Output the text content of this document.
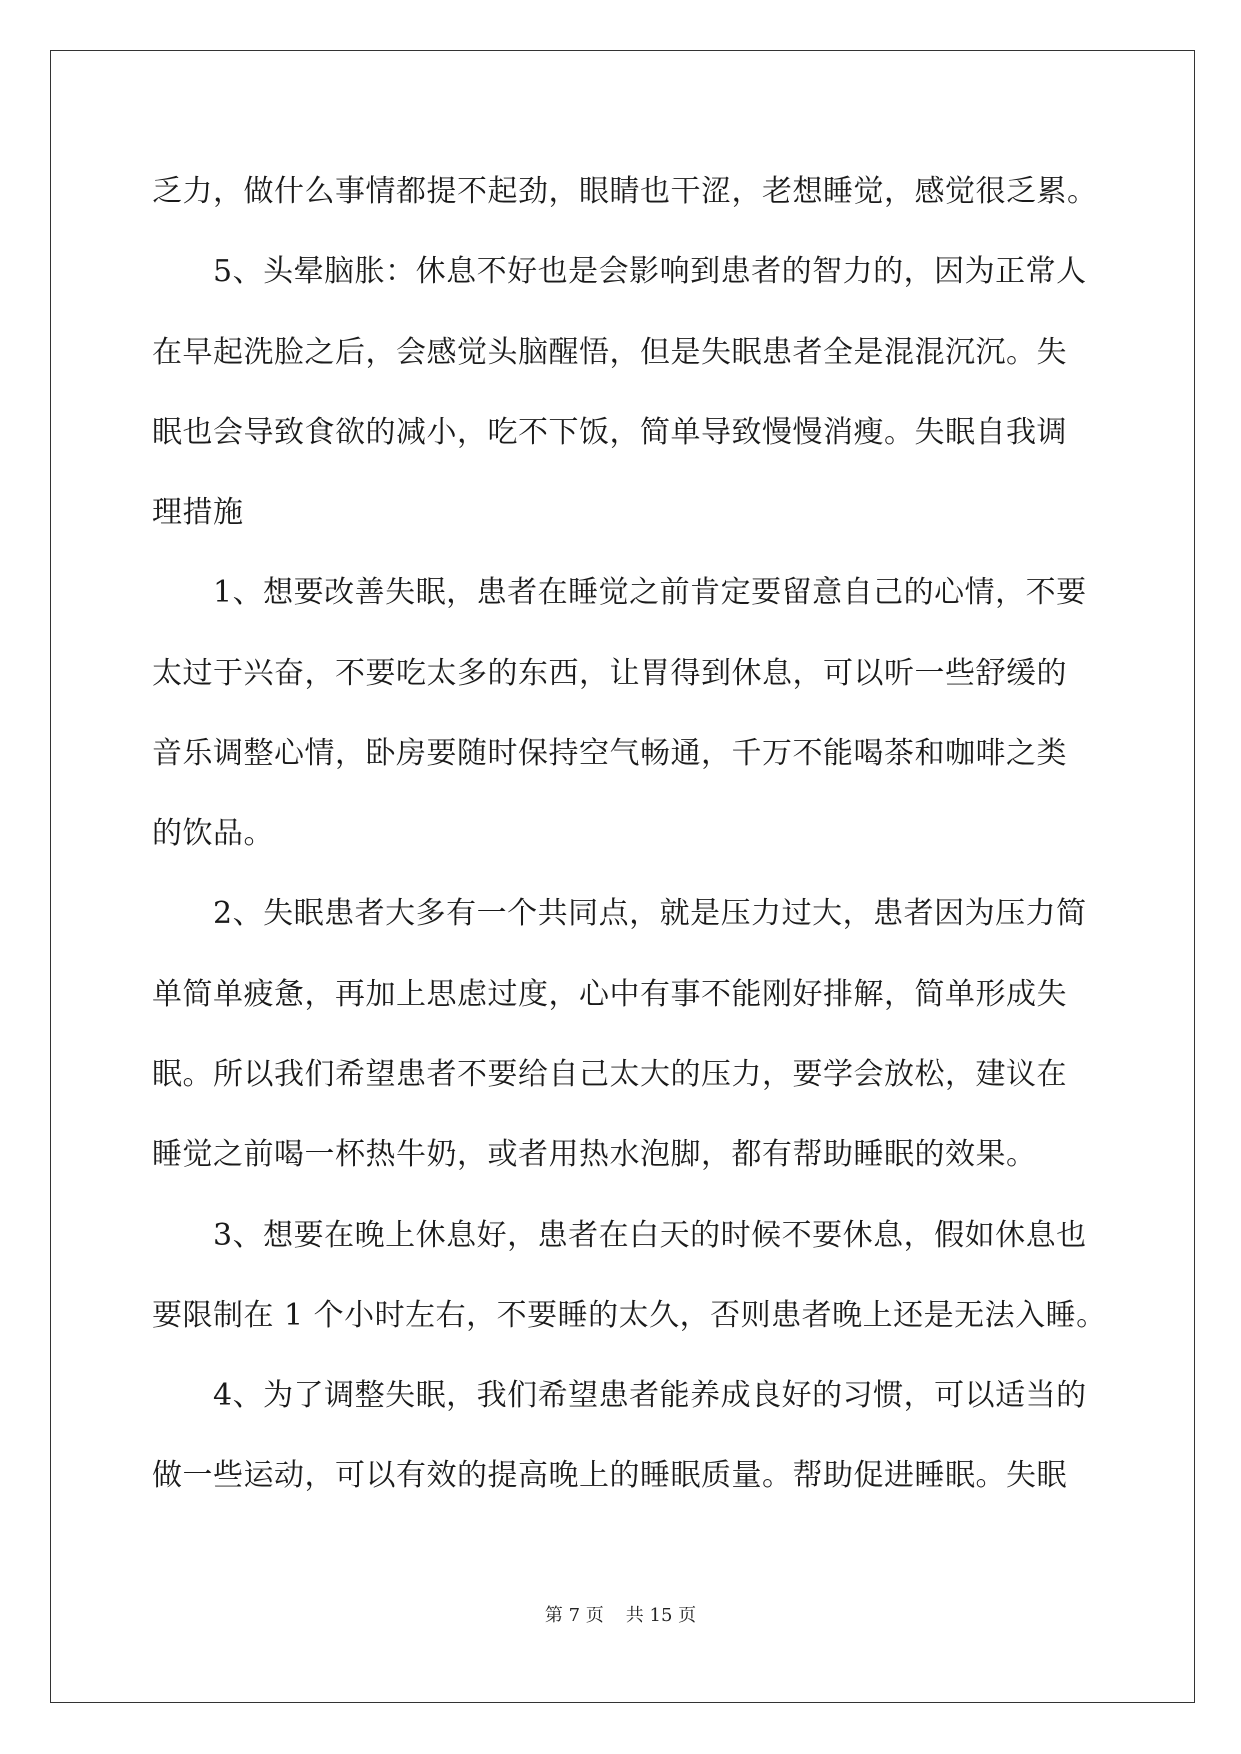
乏力，做什么事情都提不起劲，眼睛也干涩，老想睡觉，感觉很乏累。
　　5、头晕脑胀：休息不好也是会影响到患者的智力的，因为正常人
在早起洗脸之后，会感觉头脑醒悟，但是失眠患者全是混混沉沉。失
眠也会导致食欲的减小，吃不下饭，简单导致慢慢消瘦。失眠自我调
理措施
　　1、想要改善失眠，患者在睡觉之前肯定要留意自己的心情，不要
太过于兴奋，不要吃太多的东西，让胃得到休息，可以听一些舒缓的
音乐调整心情，卧房要随时保持空气畅通，千万不能喝茶和咖啡之类
的饮品。
　　2、失眠患者大多有一个共同点，就是压力过大，患者因为压力简
单简单疲惫，再加上思虑过度，心中有事不能刚好排解，简单形成失
眠。所以我们希望患者不要给自己太大的压力，要学会放松，建议在
睡觉之前喝一杯热牛奶，或者用热水泡脚，都有帮助睡眠的效果。
　　3、想要在晚上休息好，患者在白天的时候不要休息，假如休息也
要限制在 1 个小时左右，不要睡的太久，否则患者晚上还是无法入睡。
　　4、为了调整失眠，我们希望患者能养成良好的习惯，可以适当的
做一些运动，可以有效的提高晚上的睡眠质量。帮助促进睡眠。失眠
第 7 页 共 15 页
